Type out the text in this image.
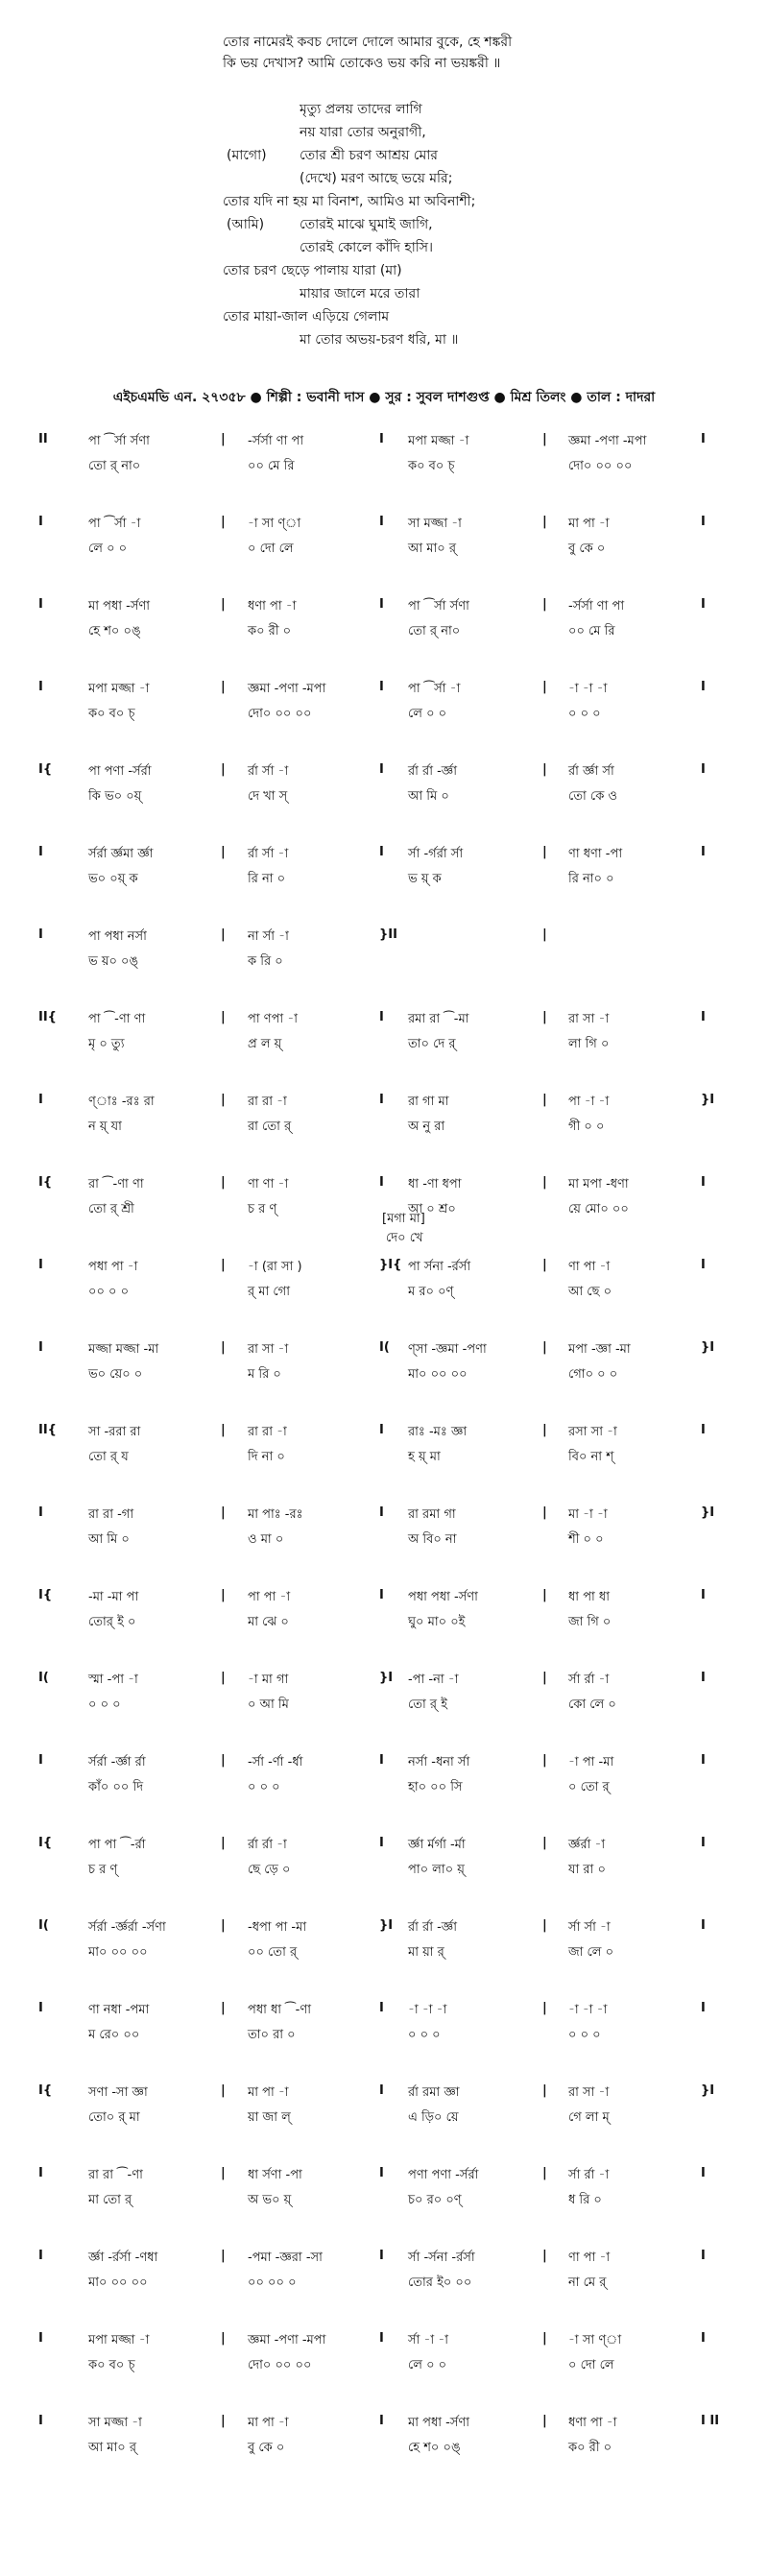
তোর নামেরই কবচ দোলে দোলে আমার বুকে, হে শঙ্করী
কি ভয় দেখাস? আমি তোকেও ভয় করি না ভয়ঙ্করী ॥
মৃত্যু প্রলয় তাদের লাগি
নয় যারা তোর অনুরাগী,
(মাগো) তোর শ্রী চরণ আশ্রয় মোর
(দেখে) মরণ আছে ভয়ে মরি;
তোর যদি না হয় মা বিনাশ, আমিও মা অবিনাশী;
(আমি)	তোরই মাঝে ঘুমাই জাগি,
তোরই কোলে কাঁদি হাসি।
তোর চরণ ছেড়ে পালায় যারা (মা)
মায়ার জালে মরে তারা
তোর মায়া-জাল এড়িয়ে গেলাম
মা তোর অভয়-চরণ ধরি, মা ॥
এইচএমভি এন. ২৭৩৫৮ ● শিল্পী : ভবানী দাস ● সুর : সুবল দাশগুপ্ত ● মিশ্র তিলং ● তাল : দাদরা
II	|	I	|	I
পা ⁀র্সা র্সণা	-র্সর্সা ণা পা	মপা মজ্জা -া	জ্ঞমা -পণা -মপা
তো র্ না০	০০ মে রি	ক০ ব০ চ্	দো০ ০০ ০০
I	|	I	|	I
পা ⁀র্সা -া	-া সা ণ্া	সা মজ্জা -া	মা পা -া
লে ০ ০	০ দো লে	আ মা০ র্	বু কে ০
I	|	I	|	I
মা পধা -র্সণা	ধণা পা -া	পা ⁀র্সা র্সণা	-র্সর্সা ণা পা
হে শ০ ০ঙ্	ক০ রী ০	তো র্ না০	০০ মে রি
I	|	I	|	I
মপা মজ্জা -া	জ্ঞমা -পণা -মপা	পা ⁀র্সা -া	-া -া -া
ক০ ব০ চ্	দো০ ০০ ০০	লে ০ ০	০ ০ ০
I{	|	I	|	I
পা পণা -র্সর্রা	র্রা র্সা -া	র্রা র্রা -র্জ্ঞা	র্রা র্জ্ঞা র্সা
কি ভ০ ০য়্	দে খা স্	আ মি ০	তো কে ও
I	|	I	|	I
র্সর্রা র্জ্ঞমা র্জ্ঞা	র্রা র্সা -া	র্সা -র্গর্রা র্সা	ণা ধণা -পা
ভ০ ০য়্ ক	রি না ০	ভ য়্ ক	রি না০ ০
I	|	}II	|
পা পধা নর্সা	না র্সা -া
ভ য়০ ০ঙ্	ক রি ০
II{	|	I	|	I
পা ⁀-ণা ণা	পা ণপা -া	রমা রা ⁀-মা	রা সা -া
মৃ ০ ত্যু	প্র ল য়্	তা০ দে র্	লা গি ০
I	|	I	|	}I
ণ্াঃ -রঃ রা	রা রা -া	রা গা মা	পা -া -া
ন য়্ যা	রা তো র্	অ নু রা	গী ০ ০
I{	|	I	|	I
রা ⁀-ণা ণা	ণা ণা -া	ধা -ণা ধপা	মা মপা -ধণা
তো র্ শ্রী	চ র ণ্	আ ০ শ্র০	য়ে মো০ ০০
[মগা মা]
দে০ খে
I	|	}I{	|	I
পধা পা -া	-া (রা সা )	পা র্সনা -র্রর্সা	ণা পা -া
০০ ০ ০	র্ মা গো	ম র০ ০ণ্	আ ছে ০
I	|	I(	|	}I
মজ্জা মজ্জা -মা	রা সা -া	ণ্সা -জ্ঞমা -পণা	মপা -জ্ঞা -মা
ভ০ য়ে০ ০	ম রি ০	মা০ ০০ ০০	গো০ ০ ০
II{	|	I	|	I
সা -ররা রা	রা রা -া	রাঃ -মঃ জ্ঞা	রসা সা -া
তো র্ য	দি না ০	হ য়্ মা	বি০ না শ্
I	|	I	|	}I
রা রা -গা	মা পাঃ -রঃ	রা রমা গা	মা -া -া
আ মি ০	ও মা ০	অ বি০ না	শী ০ ০
I{	|	I	|	I
-মা -মা পা	পা পা -া	পধা পধা -র্সণা	ধা পা ধা
তোর্ ই ০	মা ঝে ০	ঘু০ মা০ ০ই	জা গি ০
I(	|	}I	|	I
স্মা -পা -া	-া মা গা	-পা -না -া	র্সা র্রা -া
০ ০ ০	০ আ মি	তো র্ ই	কো লে ০
I	|	I	|	I
র্সর্রা -র্জ্ঞা র্রা	-র্সা -র্ণা -র্ধা	নর্সা -ধনা র্সা	-া পা -মা
কাঁ০ ০০ দি	০ ০ ০	হা০ ০০ সি	০ তো র্
I{	|	I	|	I
পা পা ⁀-র্রা	র্রা র্রা -া	র্জ্ঞা র্মর্গা -র্মা	র্জ্ঞর্রা -া
চ র ণ্	ছে ড়ে ০	পা০ লা০ য়্	যা রা ০
I(	|	}I	|	I
র্সর্রা -র্জ্ঞর্রা -র্সণা	-ধপা পা -মা	র্রা র্রা -র্জ্ঞা	র্সা র্সা -া
মা০ ০০ ০০	০০ তো র্	মা য়া র্	জা লে ০
I	|	I	|	I
ণা নধা -পমা	পধা ধা ⁀-ণা	-া -া -া	-া -া -া
ম রে০ ০০	তা০ রা ০	০ ০ ০	০ ০ ০
I{	|	I	|	}I
সণা -সা জ্ঞা	মা পা -া	র্রা রমা জ্ঞা	রা সা -া
তো০ র্ মা	য়া জা ল্	এ ড়ি০ য়ে	গে লা ম্
I	|	I	|	I
রা রা ⁀-ণা	ধা র্সণা -পা	পণা পণা -র্সর্রা	র্সা র্রা -া
মা তো র্	অ ভ০ য়্	চ০ র০ ০ণ্	ধ রি ০
I	|	I	|	I
র্জ্ঞা -র্রর্সা -ণধা	-পমা -জ্ঞরা -সা	র্সা -র্সনা -র্রর্সা	ণা পা -া
মা০ ০০ ০০	০০ ০০ ০	তোর ই০ ০০	না মে র্
I	|	I	|	I
মপা মজ্জা -া	জ্ঞমা -পণা -মপা	র্সা -া -া	-া সা ণ্া
ক০ ব০ চ্	দো০ ০০ ০০	লে ০ ০	০ দো লে
I	|	I	|	I II
সা মজ্জা -া	মা পা -া	মা পধা -র্সণা	ধণা পা -া
আ মা০ র্	বু কে ০	হে শ০ ০ঙ্	ক০ রী ০
